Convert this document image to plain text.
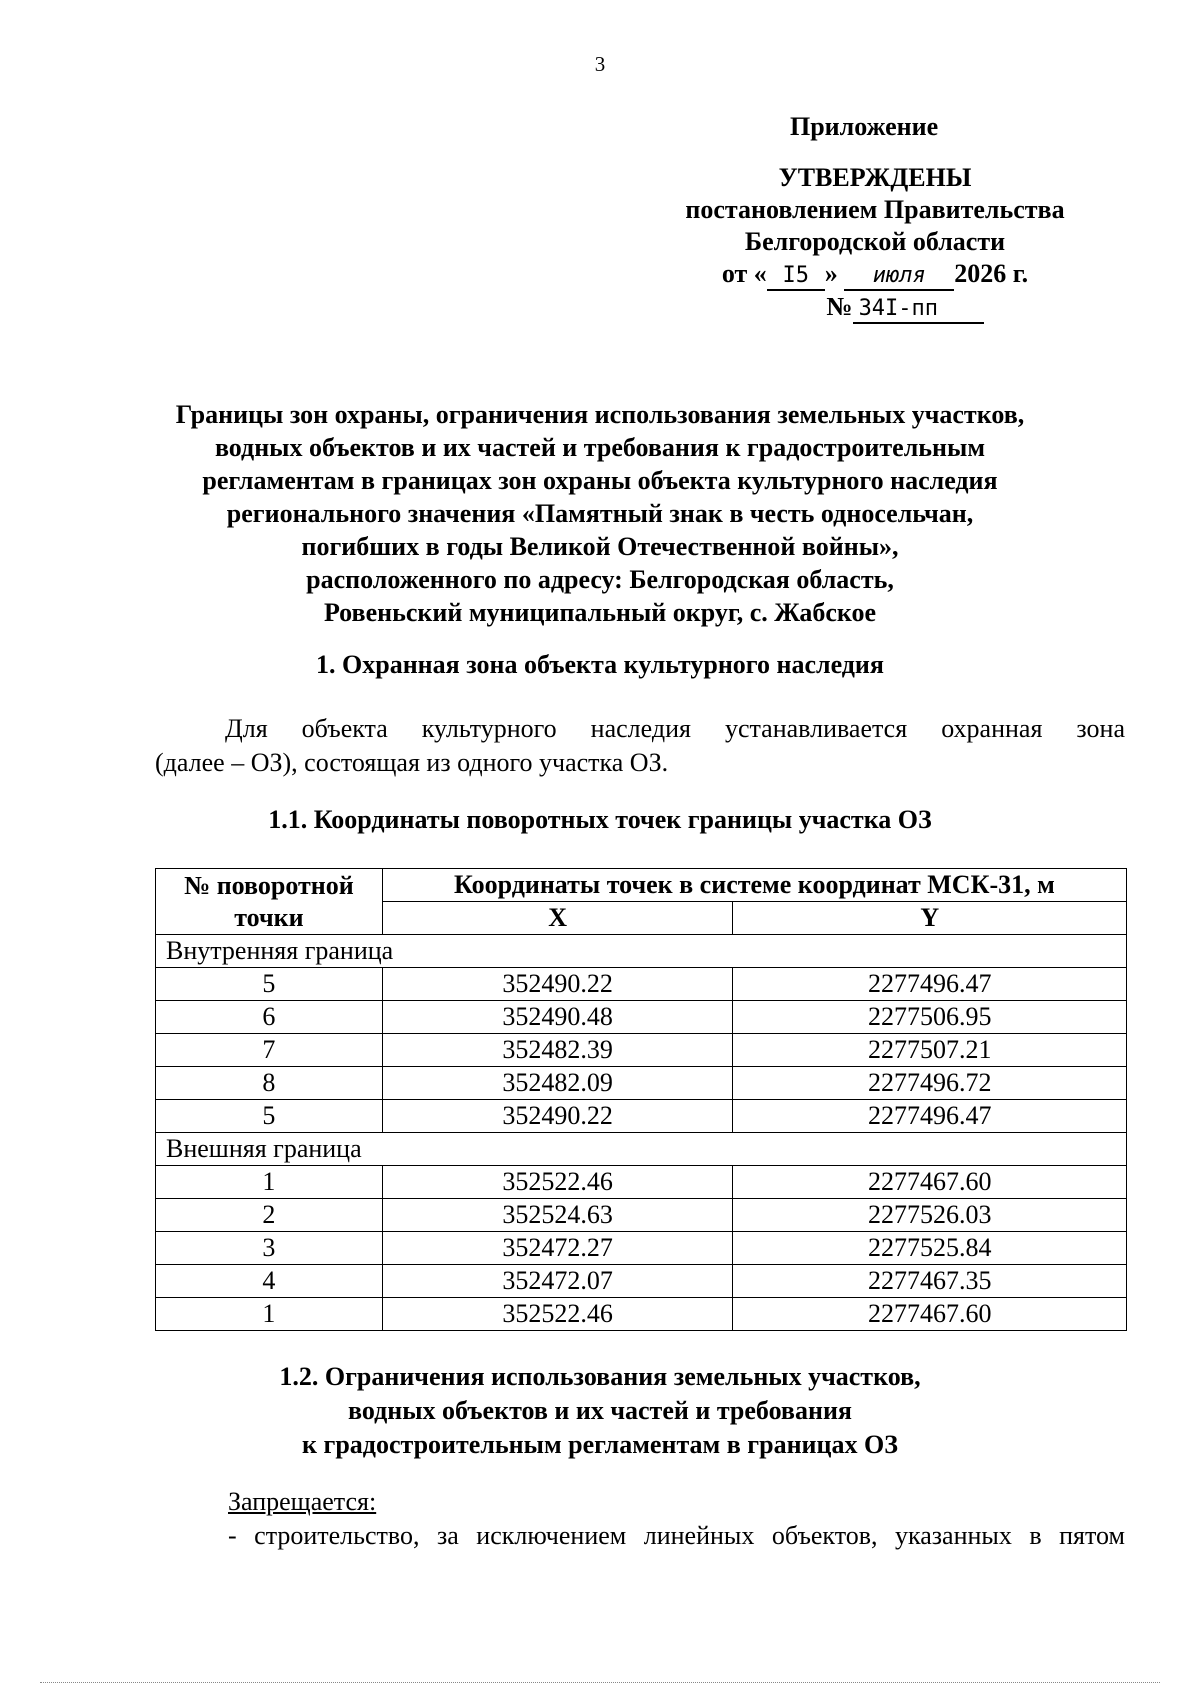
3
Приложение
УТВЕРЖДЕНЫ
постановлением Правительства
Белгородской области
от « I5 » июля 2026 г.
№ 34I-пп
Границы зон охраны, ограничения использования земельных участков,
водных объектов и их частей и требования к градостроительным
регламентам в границах зон охраны объекта культурного наследия
регионального значения «Памятный знак в честь односельчан,
погибших в годы Великой Отечественной войны»,
расположенного по адресу: Белгородская область,
Ровеньский муниципальный округ, с. Жабское
1. Охранная зона объекта культурного наследия
Для объекта культурного наследия устанавливается охранная зона
(далее – ОЗ), состоящая из одного участка ОЗ.
1.1. Координаты поворотных точек границы участка ОЗ
№ поворотной точки	Координаты точек в системе координат МСК-31, м	
	X	Y
Внутренняя граница		
5	352490.22	2277496.47
6	352490.48	2277506.95
7	352482.39	2277507.21
8	352482.09	2277496.72
5	352490.22	2277496.47
Внешняя граница		
1	352522.46	2277467.60
2	352524.63	2277526.03
3	352472.27	2277525.84
4	352472.07	2277467.35
1	352522.46	2277467.60
1.2. Ограничения использования земельных участков,
водных объектов и их частей и требования
к градостроительным регламентам в границах ОЗ
Запрещается:
- строительство, за исключением линейных объектов, указанных в пятом
